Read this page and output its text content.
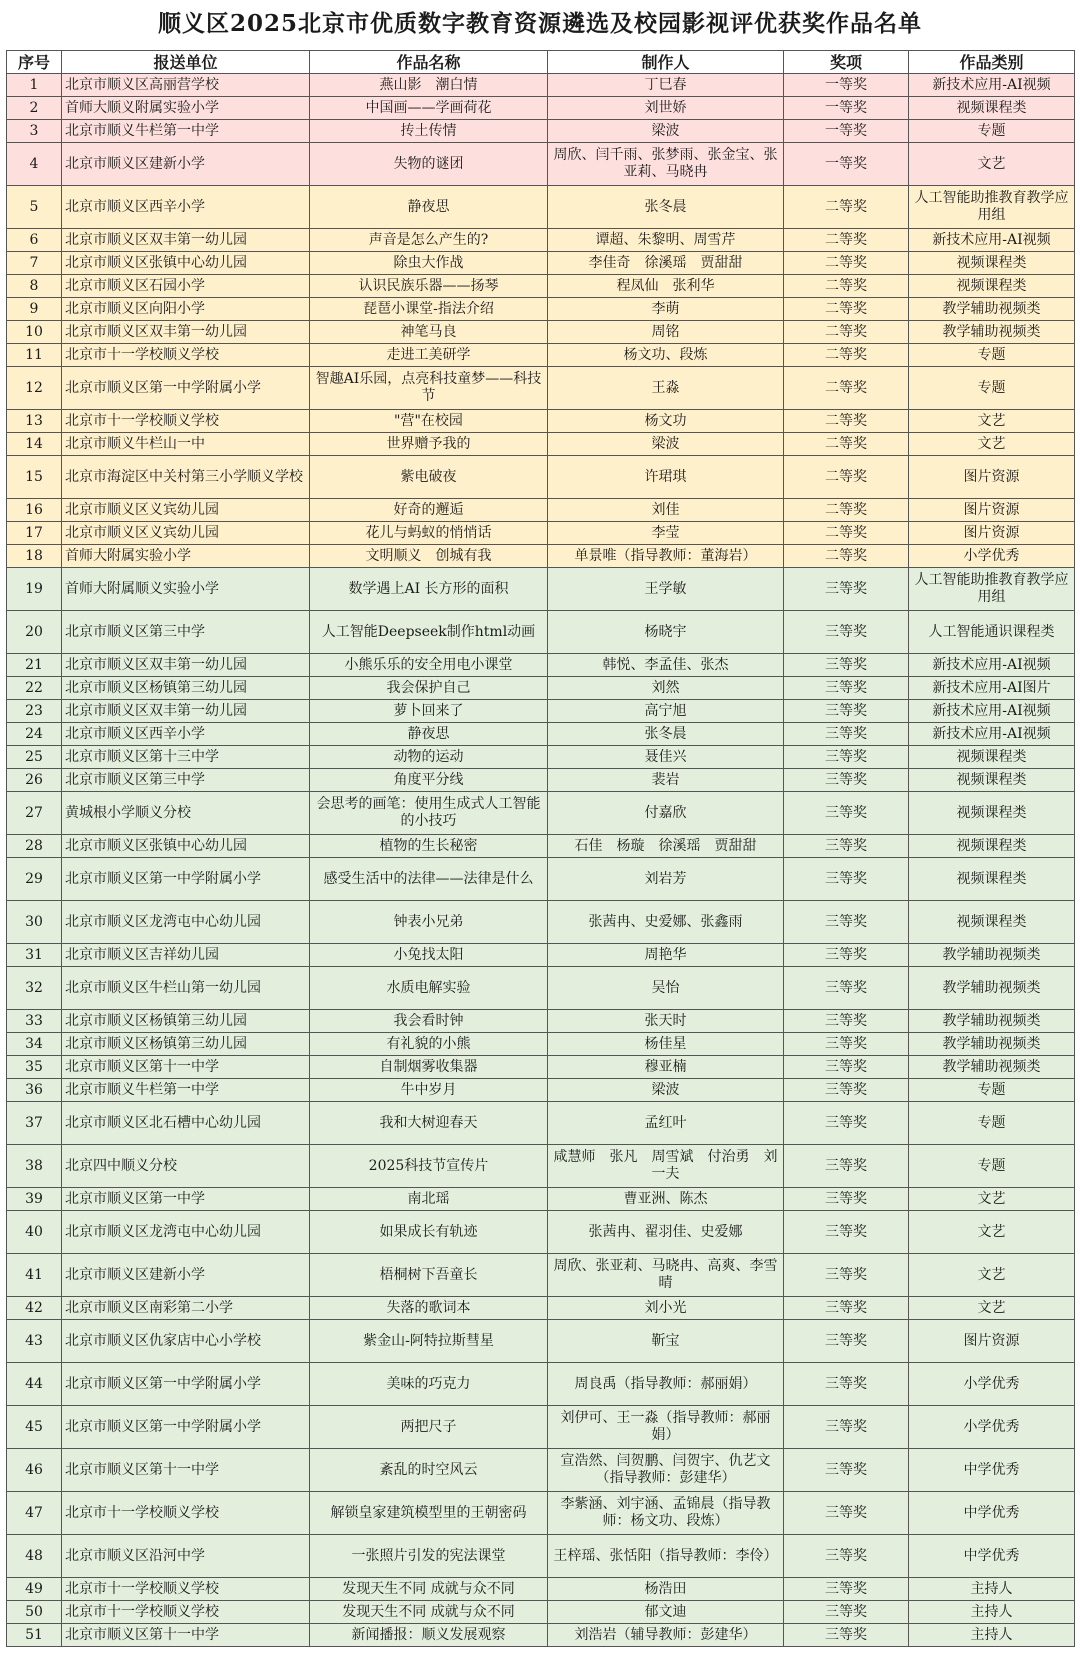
顺义区2025北京市优质数字教育资源遴选及校园影视评优获奖作品名单
序号	报送单位	作品名称	制作人	奖项	作品类别
1	北京市顺义区高丽营学校	燕山影　潮白情	丁巳春	一等奖	新技术应用-AI视频
2	首师大顺义附属实验小学	中国画——学画荷花	刘世娇	一等奖	视频课程类
3	北京市顺义牛栏第一中学	抟土传情	梁波	一等奖	专题
4	北京市顺义区建新小学	失物的谜团	周欣、闫千雨、张梦雨、张金宝、张亚莉、马晓冉	一等奖	文艺
5	北京市顺义区西辛小学	静夜思	张冬晨	二等奖	人工智能助推教育教学应用组
6	北京市顺义区双丰第一幼儿园	声音是怎么产生的?	谭超、朱黎明、周雪芹	二等奖	新技术应用-AI视频
7	北京市顺义区张镇中心幼儿园	除虫大作战	李佳奇　徐溪瑶　贾甜甜	二等奖	视频课程类
8	北京市顺义区石园小学	认识民族乐器——扬琴	程凤仙　张利华	二等奖	视频课程类
9	北京市顺义区向阳小学	琵琶小课堂-指法介绍	李萌	二等奖	教学辅助视频类
10	北京市顺义区双丰第一幼儿园	神笔马良	周铭	二等奖	教学辅助视频类
11	北京市十一学校顺义学校	走进工美研学	杨文功、段炼	二等奖	专题
12	北京市顺义区第一中学附属小学	智趣AI乐园，点亮科技童梦——科技节	王淼	二等奖	专题
13	北京市十一学校顺义学校	"营"在校园	杨文功	二等奖	文艺
14	北京市顺义牛栏山一中	世界赠予我的	梁波	二等奖	文艺
15	北京市海淀区中关村第三小学顺义学校	紫电破夜	许珺琪	二等奖	图片资源
16	北京市顺义区义宾幼儿园	好奇的邂逅	刘佳	二等奖	图片资源
17	北京市顺义区义宾幼儿园	花儿与蚂蚁的悄悄话	李莹	二等奖	图片资源
18	首师大附属实验小学	文明顺义　创城有我	单景唯（指导教师：董海岩）	二等奖	小学优秀
19	首师大附属顺义实验小学	数学遇上AI 长方形的面积	王学敏	三等奖	人工智能助推教育教学应用组
20	北京市顺义区第三中学	人工智能Deepseek制作html动画	杨晓宇	三等奖	人工智能通识课程类
21	北京市顺义区双丰第一幼儿园	小熊乐乐的安全用电小课堂	韩悦、李孟佳、张杰	三等奖	新技术应用-AI视频
22	北京市顺义区杨镇第三幼儿园	我会保护自己	刘然	三等奖	新技术应用-AI图片
23	北京市顺义区双丰第一幼儿园	萝卜回来了	高宁旭	三等奖	新技术应用-AI视频
24	北京市顺义区西辛小学	静夜思	张冬晨	三等奖	新技术应用-AI视频
25	北京市顺义区第十三中学	动物的运动	聂佳兴	三等奖	视频课程类
26	北京市顺义区第三中学	角度平分线	裴岩	三等奖	视频课程类
27	黄城根小学顺义分校	会思考的画笔：使用生成式人工智能的小技巧	付嘉欣	三等奖	视频课程类
28	北京市顺义区张镇中心幼儿园	植物的生长秘密	石佳　杨璇　徐溪瑶　贾甜甜	三等奖	视频课程类
29	北京市顺义区第一中学附属小学	感受生活中的法律——法律是什么	刘岩芳	三等奖	视频课程类
30	北京市顺义区龙湾屯中心幼儿园	钟表小兄弟	张茜冉、史爱娜、张鑫雨	三等奖	视频课程类
31	北京市顺义区吉祥幼儿园	小兔找太阳	周艳华	三等奖	教学辅助视频类
32	北京市顺义区牛栏山第一幼儿园	水质电解实验	吴怡	三等奖	教学辅助视频类
33	北京市顺义区杨镇第三幼儿园	我会看时钟	张天时	三等奖	教学辅助视频类
34	北京市顺义区杨镇第三幼儿园	有礼貌的小熊	杨佳星	三等奖	教学辅助视频类
35	北京市顺义区第十一中学	自制烟雾收集器	穆亚楠	三等奖	教学辅助视频类
36	北京市顺义牛栏第一中学	牛中岁月	梁波	三等奖	专题
37	北京市顺义区北石槽中心幼儿园	我和大树迎春天	孟红叶	三等奖	专题
38	北京四中顺义分校	2025科技节宣传片	咸慧师　张凡　周雪斌　付治勇　刘一夫	三等奖	专题
39	北京市顺义区第一中学	南北瑶	曹亚洲、陈杰	三等奖	文艺
40	北京市顺义区龙湾屯中心幼儿园	如果成长有轨迹	张茜冉、翟羽佳、史爱娜	三等奖	文艺
41	北京市顺义区建新小学	梧桐树下吾童长	周欣、张亚莉、马晓冉、高爽、李雪晴	三等奖	文艺
42	北京市顺义区南彩第二小学	失落的歌词本	刘小光	三等奖	文艺
43	北京市顺义区仇家店中心小学校	紫金山-阿特拉斯彗星	靳宝	三等奖	图片资源
44	北京市顺义区第一中学附属小学	美味的巧克力	周良禹（指导教师：郝丽娟）	三等奖	小学优秀
45	北京市顺义区第一中学附属小学	两把尺子	刘伊可、王一淼（指导教师：郝丽娟）	三等奖	小学优秀
46	北京市顺义区第十一中学	紊乱的时空风云	宣浩然、闫贺鹏、闫贺宇、仇艺文（指导教师：彭建华）	三等奖	中学优秀
47	北京市十一学校顺义学校	解锁皇家建筑模型里的王朝密码	李紫涵、刘宇涵、孟锦晨（指导教师：杨文功、段炼）	三等奖	中学优秀
48	北京市顺义区沿河中学	一张照片引发的宪法课堂	王梓瑶、张恬阳（指导教师：李伶）	三等奖	中学优秀
49	北京市十一学校顺义学校	发现天生不同 成就与众不同	杨浩田	三等奖	主持人
50	北京市十一学校顺义学校	发现天生不同 成就与众不同	郁文迪	三等奖	主持人
51	北京市顺义区第十一中学	新闻播报：顺义发展观察	刘浩岩（辅导教师：彭建华）	三等奖	主持人
